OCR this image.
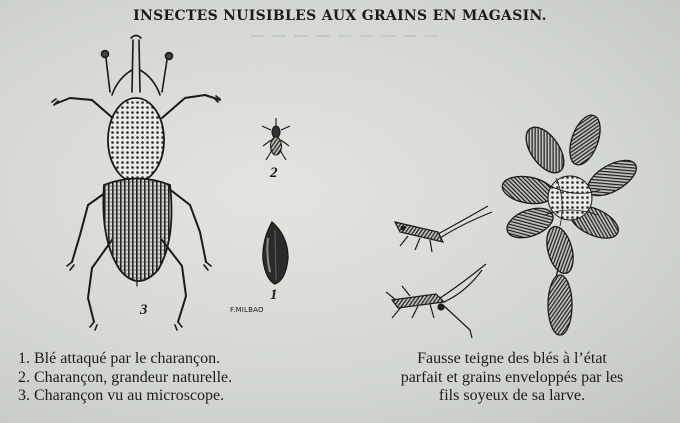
— — — — — — — — —
INSECTES NUISIBLES AUX GRAINS EN MAGASIN.
2
1
3	F.MILBAO
1. Blé attaqué par le charançon.
2. Charançon, grandeur naturelle.
3. Charançon vu au microscope.
Fausse teigne des blés à l’état
parfait et grains enveloppés par les
fils soyeux de sa larve.
